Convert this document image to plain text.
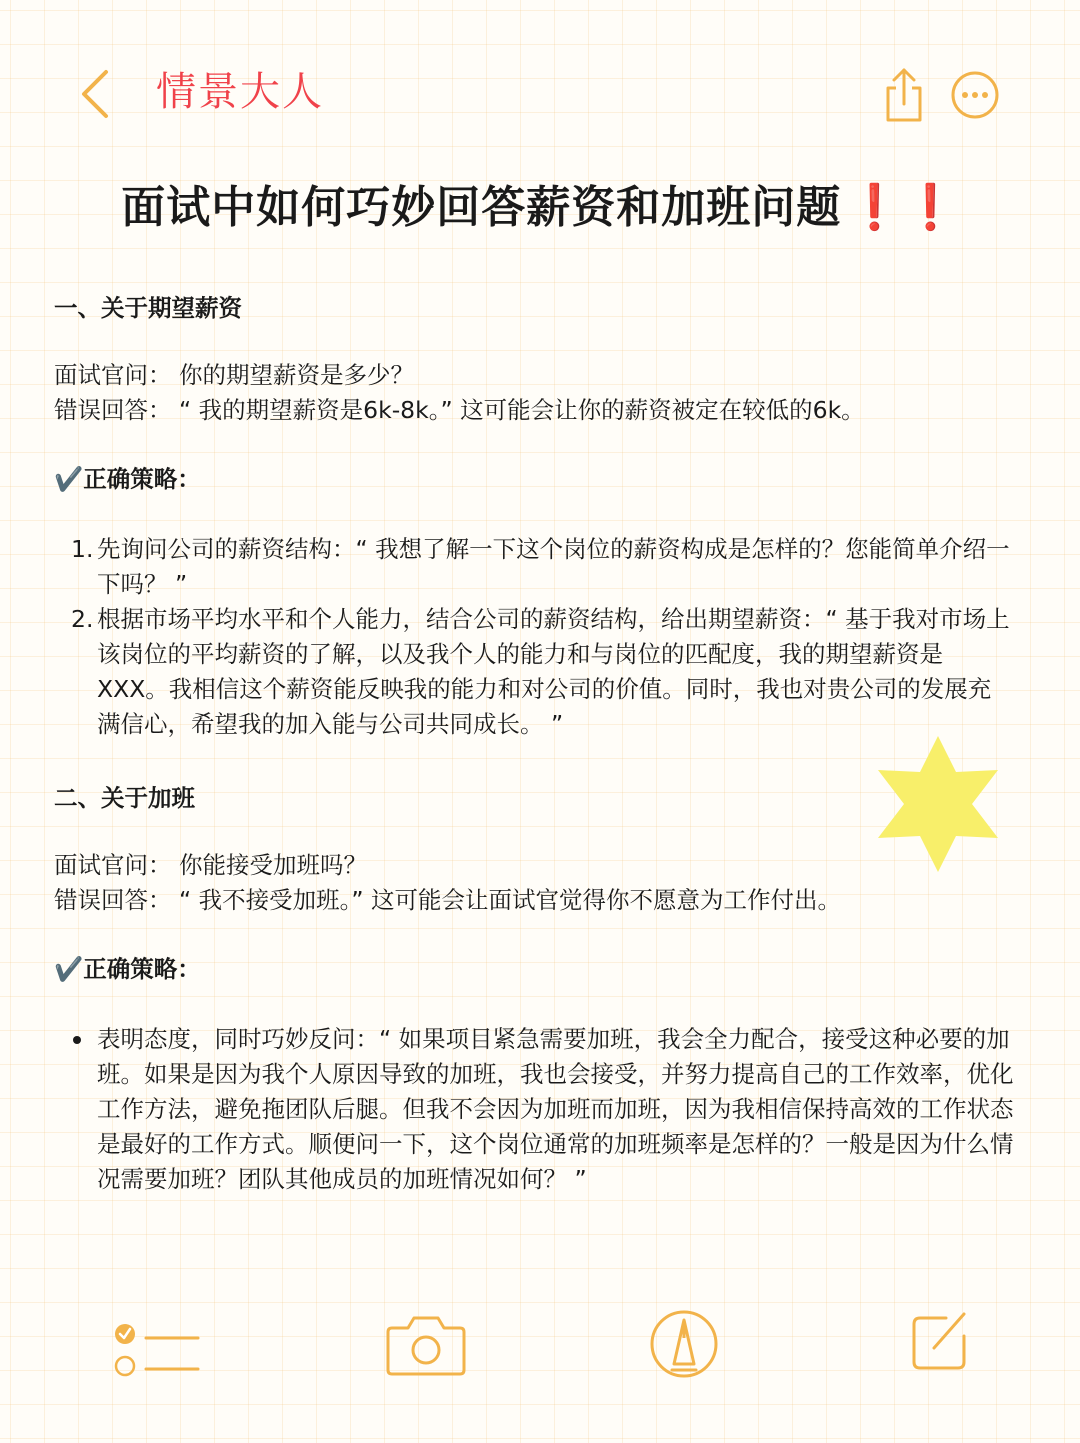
情景大人
面试中如何巧妙回答薪资和加班问题 ❗️❗️

一、关于期望薪资

面试官问： 你的期望薪资是多少？

错误回答： “ 我的期望薪资是6k-8k。” 这可能会让你的薪资被定在较低的6k。

✔️正确策略：

1. 先询问公司的薪资结构：“ 我想了解一下这个岗位的薪资构成是怎样的？您能简单介绍一下吗？ ”
2. 根据市场平均水平和个人能力，结合公司的薪资结构，给出期望薪资：“ 基于我对市场上该岗位的平均薪资的了解，以及我个人的能力和与岗位的匹配度，我的期望薪资是XXX。我相信这个薪资能反映我的能力和对公司的价值。同时，我也对贵公司的发展充满信心，希望我的加入能与公司共同成长。 ”

二、关于加班

面试官问： 你能接受加班吗？

错误回答： “ 我不接受加班。” 这可能会让面试官觉得你不愿意为工作付出。

✔️正确策略：

表明态度，同时巧妙反问：“ 如果项目紧急需要加班，我会全力配合，接受这种必要的加班。如果是因为我个人原因导致的加班，我也会接受，并努力提高自己的工作效率，优化工作方法，避免拖团队后腿。但我不会因为加班而加班，因为我相信保持高效的工作状态是最好的工作方式。顺便问一下，这个岗位通常的加班频率是怎样的？一般是因为什么情况需要加班？团队其他成员的加班情况如何？ ”
